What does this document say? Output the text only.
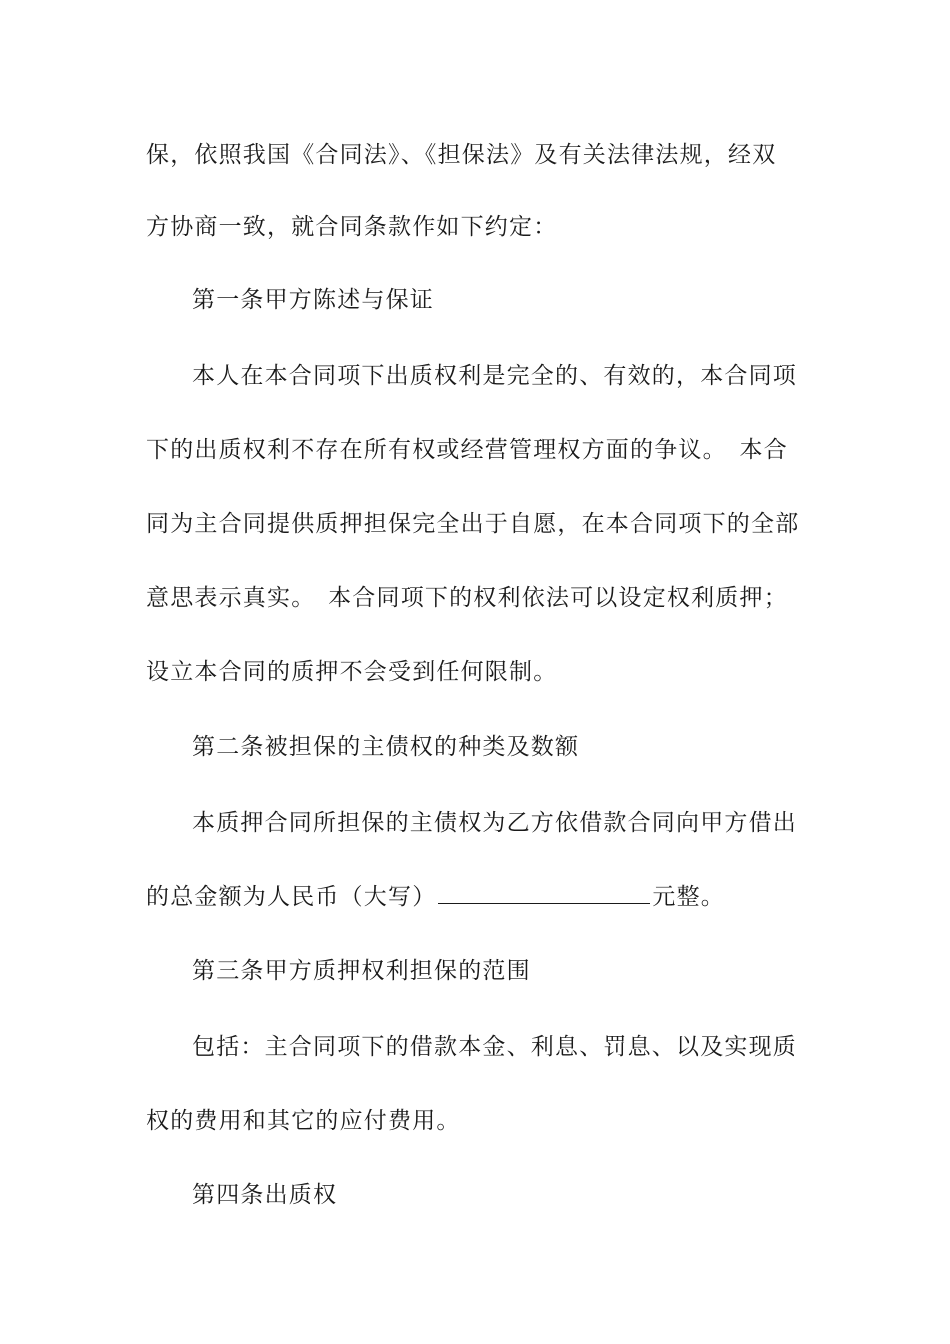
保，依照我国《合同法》、《担保法》及有关法律法规，经双
方协商一致，就合同条款作如下约定：
第一条甲方陈述与保证
本人在本合同项下出质权利是完全的、有效的，本合同项
下的出质权利不存在所有权或经营管理权方面的争议。　本合
同为主合同提供质押担保完全出于自愿，在本合同项下的全部
意思表示真实。　本合同项下的权利依法可以设定权利质押；
设立本合同的质押不会受到任何限制。
第二条被担保的主债权的种类及数额
本质押合同所担保的主债权为乙方依借款合同向甲方借出
的总金额为人民币（大写）	元整。
第三条甲方质押权利担保的范围
包括：主合同项下的借款本金、利息、罚息、以及实现质
权的费用和其它的应付费用。
第四条出质权
